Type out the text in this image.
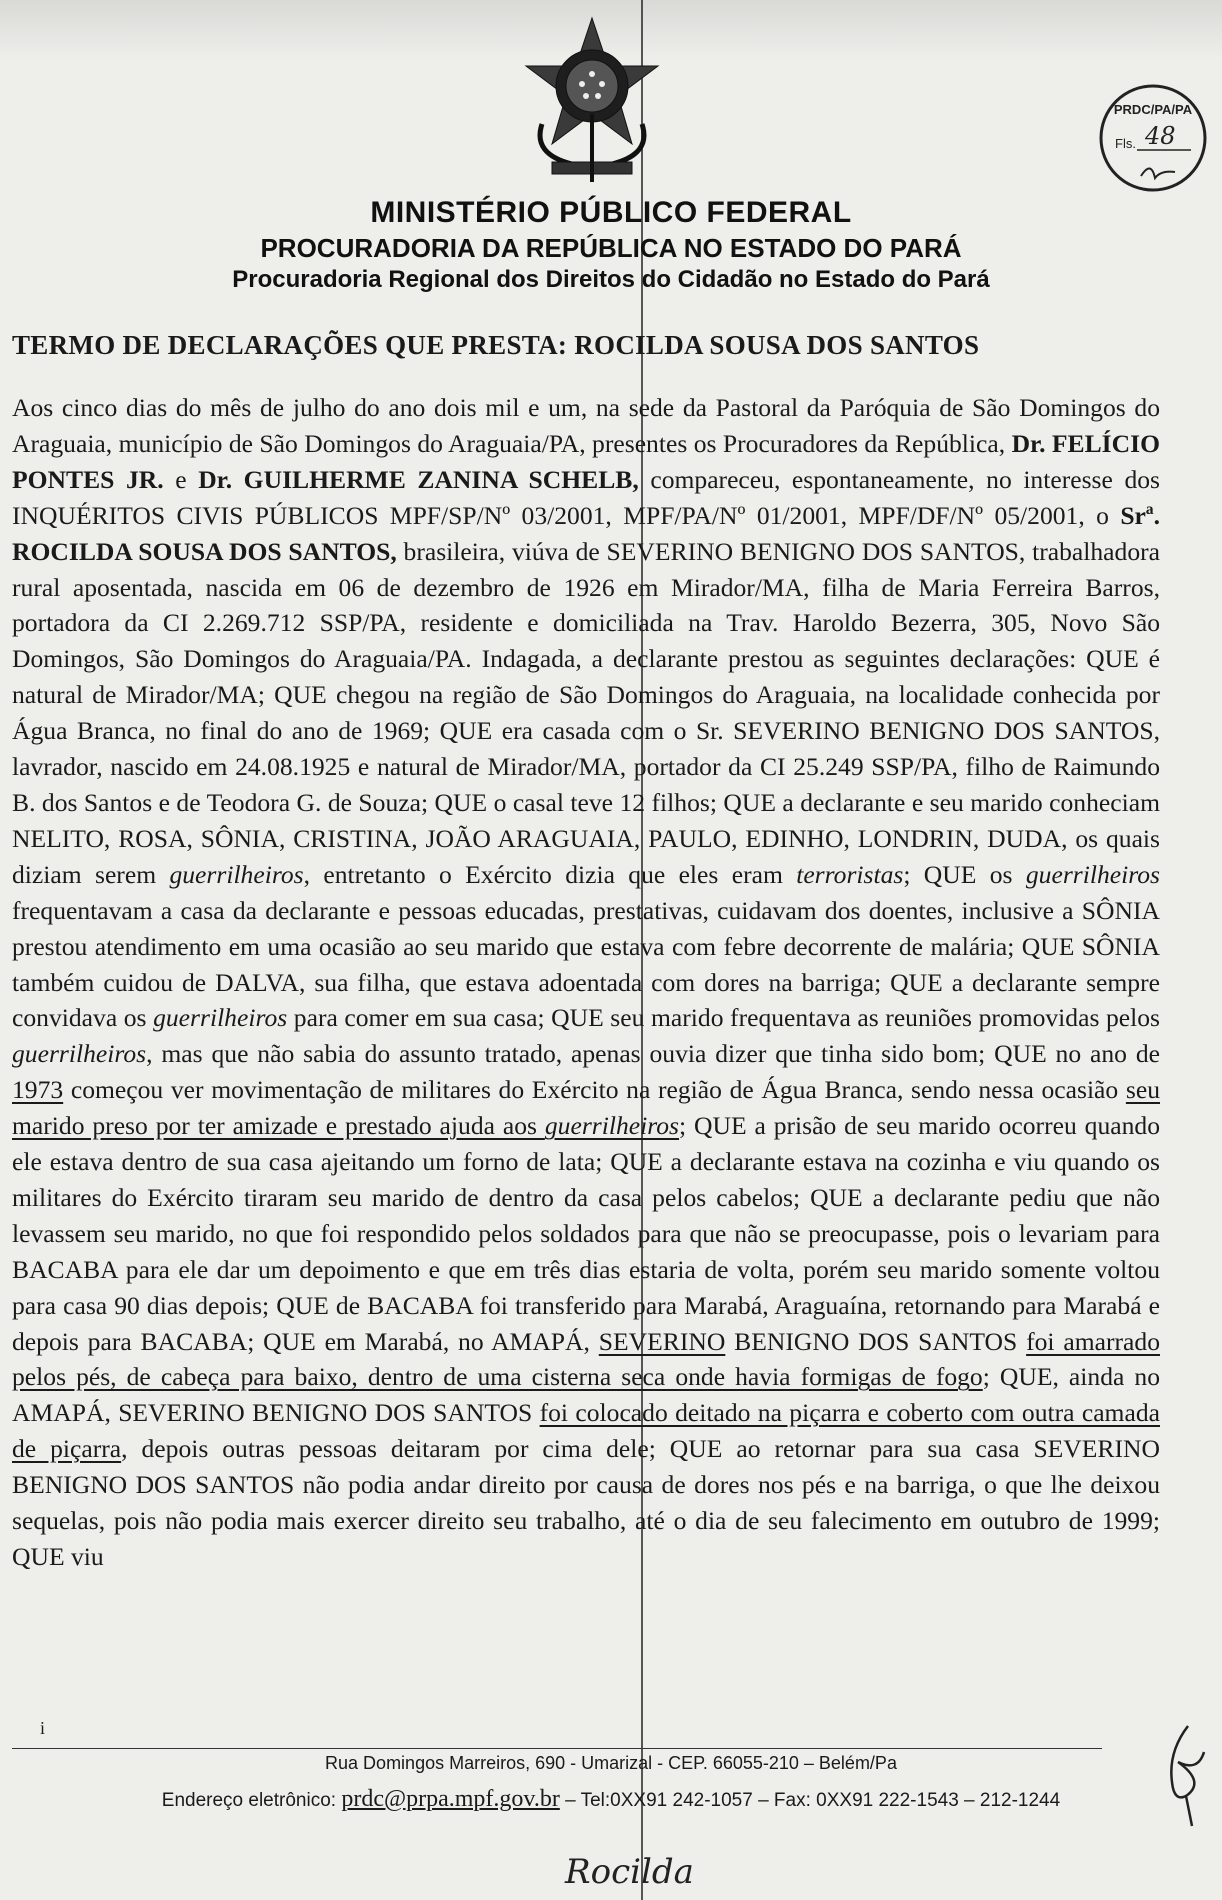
PRDC/PA/PA
Fls. 48
MINISTÉRIO PÚBLICO FEDERAL
PROCURADORIA DA REPÚBLICA NO ESTADO DO PARÁ
Procuradoria Regional dos Direitos do Cidadão no Estado do Pará
TERMO DE DECLARAÇÕES QUE PRESTA: ROCILDA SOUSA DOS SANTOS

Aos cinco dias do mês de julho do ano dois mil e um, na sede da Pastoral da Paróquia de São Domingos do Araguaia, município de São Domingos do Araguaia/PA, presentes os Procuradores da República, Dr. FELÍCIO PONTES JR. e Dr. GUILHERME ZANINA SCHELB, compareceu, espontaneamente, no interesse dos INQUÉRITOS CIVIS PÚBLICOS MPF/SP/Nº 03/2001, MPF/PA/Nº 01/2001, MPF/DF/Nº 05/2001, o Srª. ROCILDA SOUSA DOS SANTOS, brasileira, viúva de SEVERINO BENIGNO DOS SANTOS, trabalhadora rural aposentada, nascida em 06 de dezembro de 1926 em Mirador/MA, filha de Maria Ferreira Barros, portadora da CI 2.269.712 SSP/PA, residente e domiciliada na Trav. Haroldo Bezerra, 305, Novo São Domingos, São Domingos do Araguaia/PA. Indagada, a declarante prestou as seguintes declarações: QUE é natural de Mirador/MA; QUE chegou na região de São Domingos do Araguaia, na localidade conhecida por Água Branca, no final do ano de 1969; QUE era casada com o Sr. SEVERINO BENIGNO DOS SANTOS, lavrador, nascido em 24.08.1925 e natural de Mirador/MA, portador da CI 25.249 SSP/PA, filho de Raimundo B. dos Santos e de Teodora G. de Souza; QUE o casal teve 12 filhos; QUE a declarante e seu marido conheciam NELITO, ROSA, SÔNIA, CRISTINA, JOÃO ARAGUAIA, PAULO, EDINHO, LONDRIN, DUDA, os quais diziam serem guerrilheiros, entretanto o Exército dizia que eles eram terroristas; QUE os guerrilheiros frequentavam a casa da declarante e pessoas educadas, prestativas, cuidavam dos doentes, inclusive a SÔNIA prestou atendimento em uma ocasião ao seu marido que estava com febre decorrente de malária; QUE SÔNIA também cuidou de DALVA, sua filha, que estava adoentada com dores na barriga; QUE a declarante sempre convidava os guerrilheiros para comer em sua casa; QUE seu marido frequentava as reuniões promovidas pelos guerrilheiros, mas que não sabia do assunto tratado, apenas ouvia dizer que tinha sido bom; QUE no ano de 1973 começou ver movimentação de militares do Exército na região de Água Branca, sendo nessa ocasião seu marido preso por ter amizade e prestado ajuda aos guerrilheiros; QUE a prisão de seu marido ocorreu quando ele estava dentro de sua casa ajeitando um forno de lata; QUE a declarante estava na cozinha e viu quando os militares do Exército tiraram seu marido de dentro da casa pelos cabelos; QUE a declarante pediu que não levassem seu marido, no que foi respondido pelos soldados para que não se preocupasse, pois o levariam para BACABA para ele dar um depoimento e que em três dias estaria de volta, porém seu marido somente voltou para casa 90 dias depois; QUE de BACABA foi transferido para Marabá, Araguaína, retornando para Marabá e depois para BACABA; QUE em Marabá, no AMAPÁ, SEVERINO BENIGNO DOS SANTOS foi amarrado pelos pés, de cabeça para baixo, dentro de uma cisterna seca onde havia formigas de fogo; QUE, ainda no AMAPÁ, SEVERINO BENIGNO DOS SANTOS foi colocado deitado na piçarra e coberto com outra camada de piçarra, depois outras pessoas deitaram por cima dele; QUE ao retornar para sua casa SEVERINO BENIGNO DOS SANTOS não podia andar direito por causa de dores nos pés e na barriga, o que lhe deixou sequelas, pois não podia mais exercer direito seu trabalho, até o dia de seu falecimento em outubro de 1999; QUE viu

i
Rua Domingos Marreiros, 690 - Umarizal - CEP. 66055-210 – Belém/Pa
Endereço eletrônico: prdc@prpa.mpf.gov.br – Tel:0XX91 242-1057 – Fax: 0XX91 222-1543 – 212-1244
Rocilda
